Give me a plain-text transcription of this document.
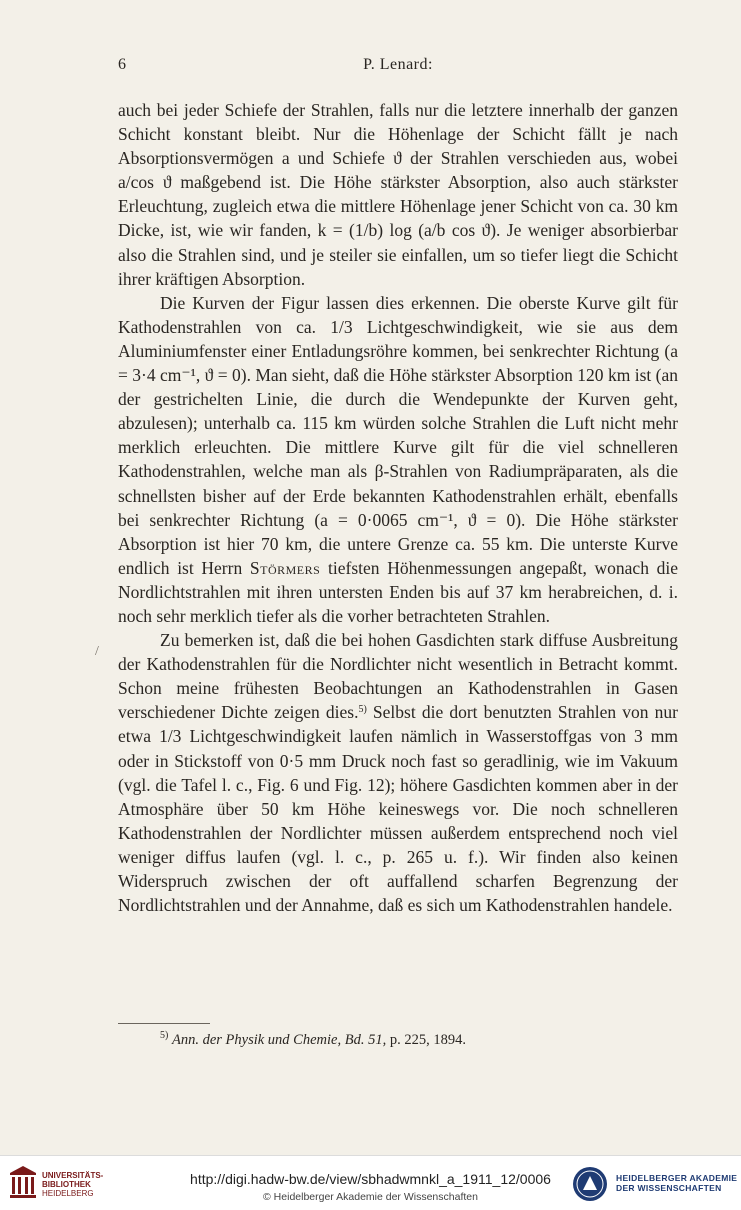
6	P. Lenard:
/

auch bei jeder Schiefe der Strahlen, falls nur die letztere innerhalb der ganzen Schicht konstant bleibt. Nur die Höhenlage der Schicht fällt je nach Absorptionsvermögen a und Schiefe ϑ der Strahlen verschieden aus, wobei a/cos ϑ maßgebend ist. Die Höhe stärkster Absorption, also auch stärkster Erleuchtung, zugleich etwa die mittlere Höhenlage jener Schicht von ca. 30 km Dicke, ist, wie wir fanden, k = (1/b) log (a/b cos ϑ). Je weniger absorbierbar also die Strahlen sind, und je steiler sie einfallen, um so tiefer liegt die Schicht ihrer kräftigen Absorption.

Die Kurven der Figur lassen dies erkennen. Die oberste Kurve gilt für Kathodenstrahlen von ca. 1/3 Lichtgeschwindigkeit, wie sie aus dem Aluminiumfenster einer Entladungsröhre kommen, bei senkrechter Richtung (a = 3·4 cm⁻¹, ϑ = 0). Man sieht, daß die Höhe stärkster Absorption 120 km ist (an der gestrichelten Linie, die durch die Wendepunkte der Kurven geht, abzulesen); unterhalb ca. 115 km würden solche Strahlen die Luft nicht mehr merklich erleuchten. Die mittlere Kurve gilt für die viel schnelleren Kathodenstrahlen, welche man als β-Strahlen von Radiumpräparaten, als die schnellsten bisher auf der Erde bekannten Kathodenstrahlen erhält, ebenfalls bei senkrechter Richtung (a = 0·0065 cm⁻¹, ϑ = 0). Die Höhe stärkster Absorption ist hier 70 km, die untere Grenze ca. 55 km. Die unterste Kurve endlich ist Herrn Störmers tiefsten Höhenmessungen angepaßt, wonach die Nordlichtstrahlen mit ihren untersten Enden bis auf 37 km herabreichen, d. i. noch sehr merklich tiefer als die vorher betrachteten Strahlen.

Zu bemerken ist, daß die bei hohen Gasdichten stark diffuse Ausbreitung der Kathodenstrahlen für die Nordlichter nicht wesentlich in Betracht kommt. Schon meine frühesten Beobachtungen an Kathodenstrahlen in Gasen verschiedener Dichte zeigen dies.$^{5)}$ Selbst die dort benutzten Strahlen von nur etwa 1/3 Lichtgeschwindigkeit laufen nämlich in Wasserstoffgas von 3 mm oder in Stickstoff von 0·5 mm Druck noch fast so geradlinig, wie im Vakuum (vgl. die Tafel l. c., Fig. 6 und Fig. 12); höhere Gasdichten kommen aber in der Atmosphäre über 50 km Höhe keineswegs vor. Die noch schnelleren Kathodenstrahlen der Nordlichter müssen außerdem entsprechend noch viel weniger diffus laufen (vgl. l. c., p. 265 u. f.). Wir finden also keinen Widerspruch zwischen der oft auffallend scharfen Begrenzung der Nordlichtstrahlen und der Annahme, daß es sich um Kathodenstrahlen handele.

$^{5)}$ Ann. der Physik und Chemie, Bd. 51, p. 225, 1894.
UNIVERSITÄTS-
BIBLIOTHEK
HEIDELBERG
http://digi.hadw-bw.de/view/sbhadwmnkl_a_1911_12/0006
© Heidelberger Akademie der Wissenschaften
HEIDELBERGER AKADEMIE
DER WISSENSCHAFTEN
